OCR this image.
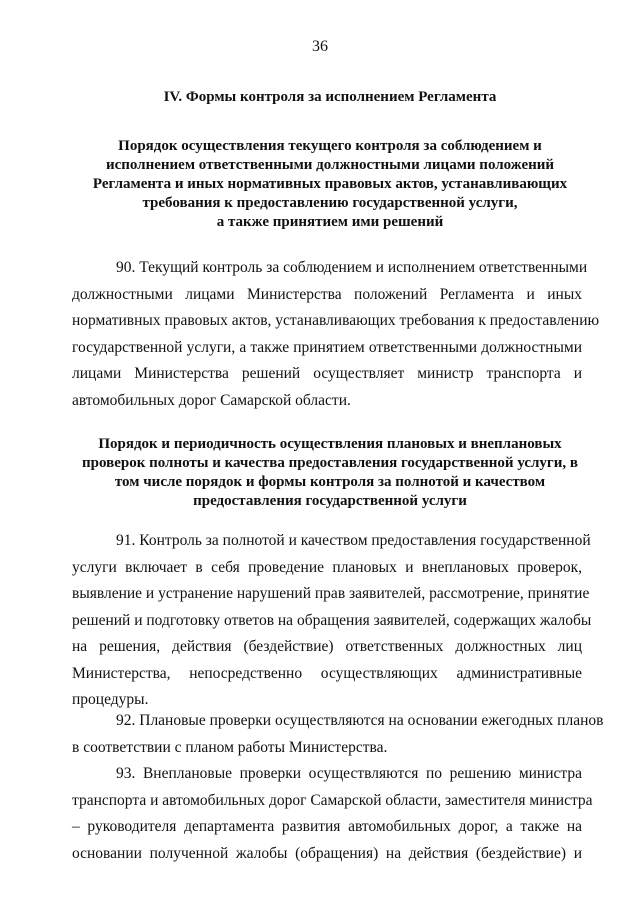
36
IV. Формы контроля за исполнением Регламента
Порядок осуществления текущего контроля за соблюдением и
исполнением ответственными должностными лицами положений
Регламента и иных нормативных правовых актов, устанавливающих
требования к предоставлению государственной услуги,
а также принятием ими решений
90. Текущий контроль за соблюдением и исполнением ответственными
должностными лицами Министерства положений Регламента и иных
нормативных правовых актов, устанавливающих требования к предоставлению
государственной услуги, а также принятием ответственными должностными
лицами Министерства решений осуществляет министр транспорта и
автомобильных дорог Самарской области.
Порядок и периодичность осуществления плановых и внеплановых
проверок полноты и качества предоставления государственной услуги, в
том числе порядок и формы контроля за полнотой и качеством
предоставления государственной услуги
91. Контроль за полнотой и качеством предоставления государственной
услуги включает в себя проведение плановых и внеплановых проверок,
выявление и устранение нарушений прав заявителей, рассмотрение, принятие
решений и подготовку ответов на обращения заявителей, содержащих жалобы
на решения, действия (бездействие) ответственных должностных лиц
Министерства, непосредственно осуществляющих административные
процедуры.
92. Плановые проверки осуществляются на основании ежегодных планов
в соответствии с планом работы Министерства.
93. Внеплановые проверки осуществляются по решению министра
транспорта и автомобильных дорог Самарской области, заместителя министра
– руководителя департамента развития автомобильных дорог, а также на
основании полученной жалобы (обращения) на действия (бездействие) и
